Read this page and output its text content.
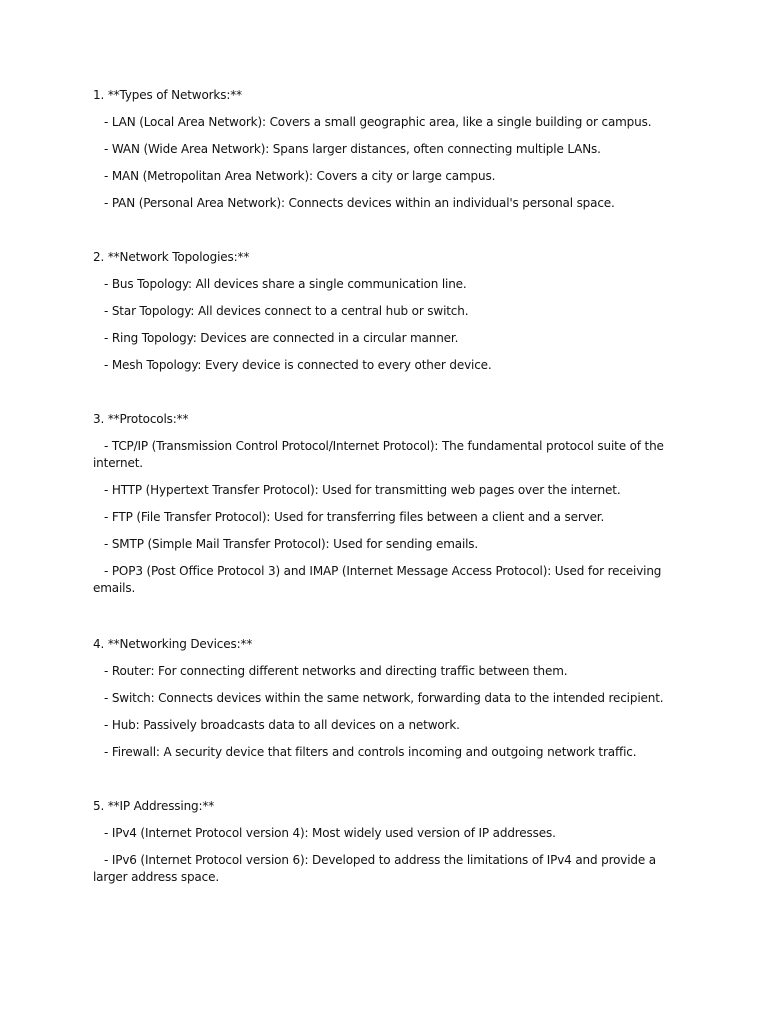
1. **Types of Networks:**

- LAN (Local Area Network): Covers a small geographic area, like a single building or campus.

- WAN (Wide Area Network): Spans larger distances, often connecting multiple LANs.

- MAN (Metropolitan Area Network): Covers a city or large campus.

- PAN (Personal Area Network): Connects devices within an individual's personal space.

2. **Network Topologies:**

- Bus Topology: All devices share a single communication line.

- Star Topology: All devices connect to a central hub or switch.

- Ring Topology: Devices are connected in a circular manner.

- Mesh Topology: Every device is connected to every other device.

3. **Protocols:**

- TCP/IP (Transmission Control Protocol/Internet Protocol): The fundamental protocol suite of the internet.

- HTTP (Hypertext Transfer Protocol): Used for transmitting web pages over the internet.

- FTP (File Transfer Protocol): Used for transferring files between a client and a server.

- SMTP (Simple Mail Transfer Protocol): Used for sending emails.

- POP3 (Post Office Protocol 3) and IMAP (Internet Message Access Protocol): Used for receiving emails.

4. **Networking Devices:**

- Router: For connecting different networks and directing traffic between them.

- Switch: Connects devices within the same network, forwarding data to the intended recipient.

- Hub: Passively broadcasts data to all devices on a network.

- Firewall: A security device that filters and controls incoming and outgoing network traffic.

5. **IP Addressing:**

- IPv4 (Internet Protocol version 4): Most widely used version of IP addresses.

- IPv6 (Internet Protocol version 6): Developed to address the limitations of IPv4 and provide a larger address space.
